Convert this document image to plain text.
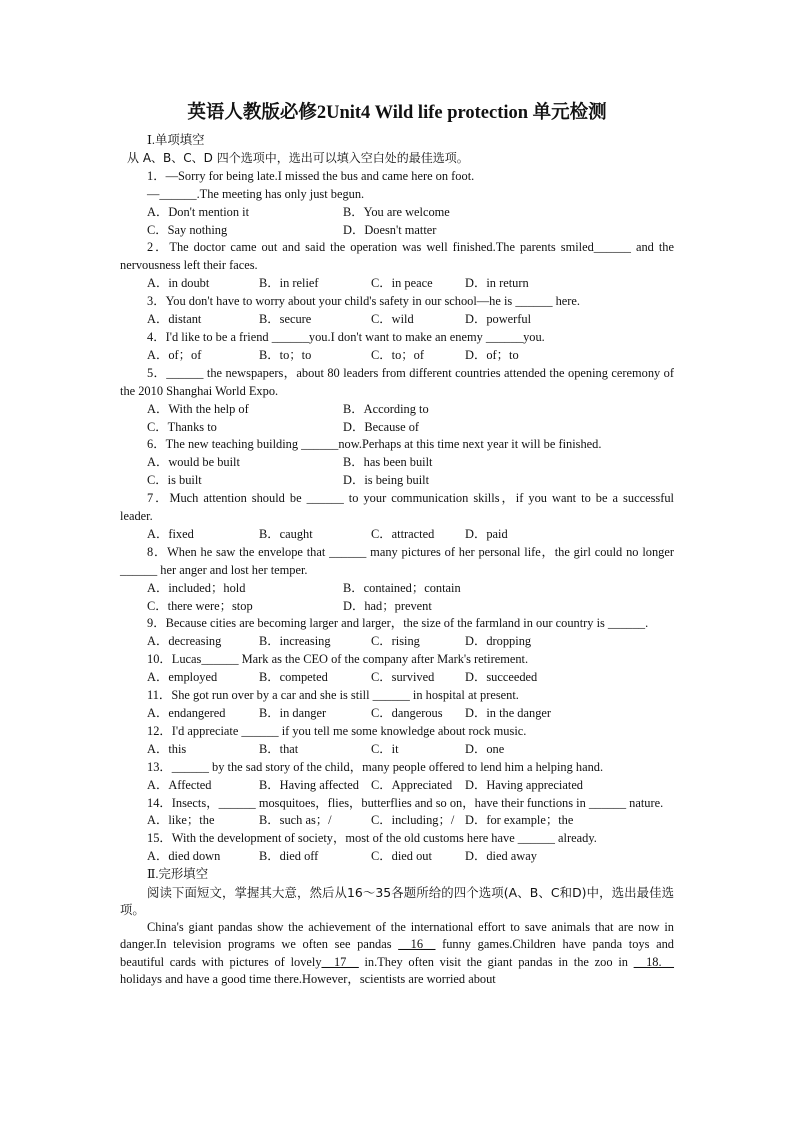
英语人教版必修2Unit4 Wild life protection 单元检测
Ⅰ.单项填空
从 A、B、C、D 四个选项中，选出可以填入空白处的最佳选项。
1．—Sorry for being late.I missed the bus and came here on foot.
—______.The meeting has only just begun.
A．Don't mention it	B．You are welcome
C．Say nothing	D．Doesn't matter
2．The doctor came out and said the operation was well finished.The parents smiled______ and the nervousness left their faces.
A．in doubt	B．in relief	C．in peace	D．in return
3．You don't have to worry about your child's safety in our school—he is ______ here.
A．distant	B．secure	C．wild	D．powerful
4．I'd like to be a friend ______you.I don't want to make an enemy ______you.
A．of；of	B．to；to	C．to；of	D．of；to
5．______ the newspapers，about 80 leaders from different countries attended the opening ceremony of the 2010 Shanghai World Expo.
A．With the help of	B．According to
C．Thanks to	D．Because of
6．The new teaching building ______now.Perhaps at this time next year it will be finished.
A．would be built	B．has been built
C．is built	D．is being built
7．Much attention should be ______ to your communication skills，if you want to be a successful leader.
A．fixed	B．caught	C．attracted	D．paid
8．When he saw the envelope that ______ many pictures of her personal life，the girl could no longer ______ her anger and lost her temper.
A．included；hold	B．contained；contain
C．there were；stop	D．had；prevent
9．Because cities are becoming larger and larger，the size of the farmland in our country is ______.
A．decreasing	B．increasing	C．rising	D．dropping
10．Lucas______ Mark as the CEO of the company after Mark's retirement.
A．employed	B．competed	C．survived	D．succeeded
11．She got run over by a car and she is still ______ in hospital at present.
A．endangered	B．in danger	C．dangerous	D．in the danger
12．I'd appreciate ______ if you tell me some knowledge about rock music.
A．this	B．that	C．it	D．one
13．______ by the sad story of the child，many people offered to lend him a helping hand.
A．Affected	B．Having affected C．Appreciated	D．Having appreciated
14．Insects，______ mosquitoes，flies，butterflies and so on，have their functions in ______ nature.
A．like；the	B．such as；/	C．including；/ D．for example；the
15．With the development of society，most of the old customs here have ______ already.
A．died down	B．died off	C．died out	D．died away
Ⅱ.完形填空
阅读下面短文，掌握其大意，然后从16～35各题所给的四个选项(A、B、C和D)中，选出最佳选项。
China's giant pandas show the achievement of the international effort to save animals that are now in danger.In television programs we often see pandas __16__ funny games.Children have panda toys and beautiful cards with pictures of lovely__17__ in.They often visit the giant pandas in the zoo in __18.__ holidays and have a good time there.However，scientists are worried about
